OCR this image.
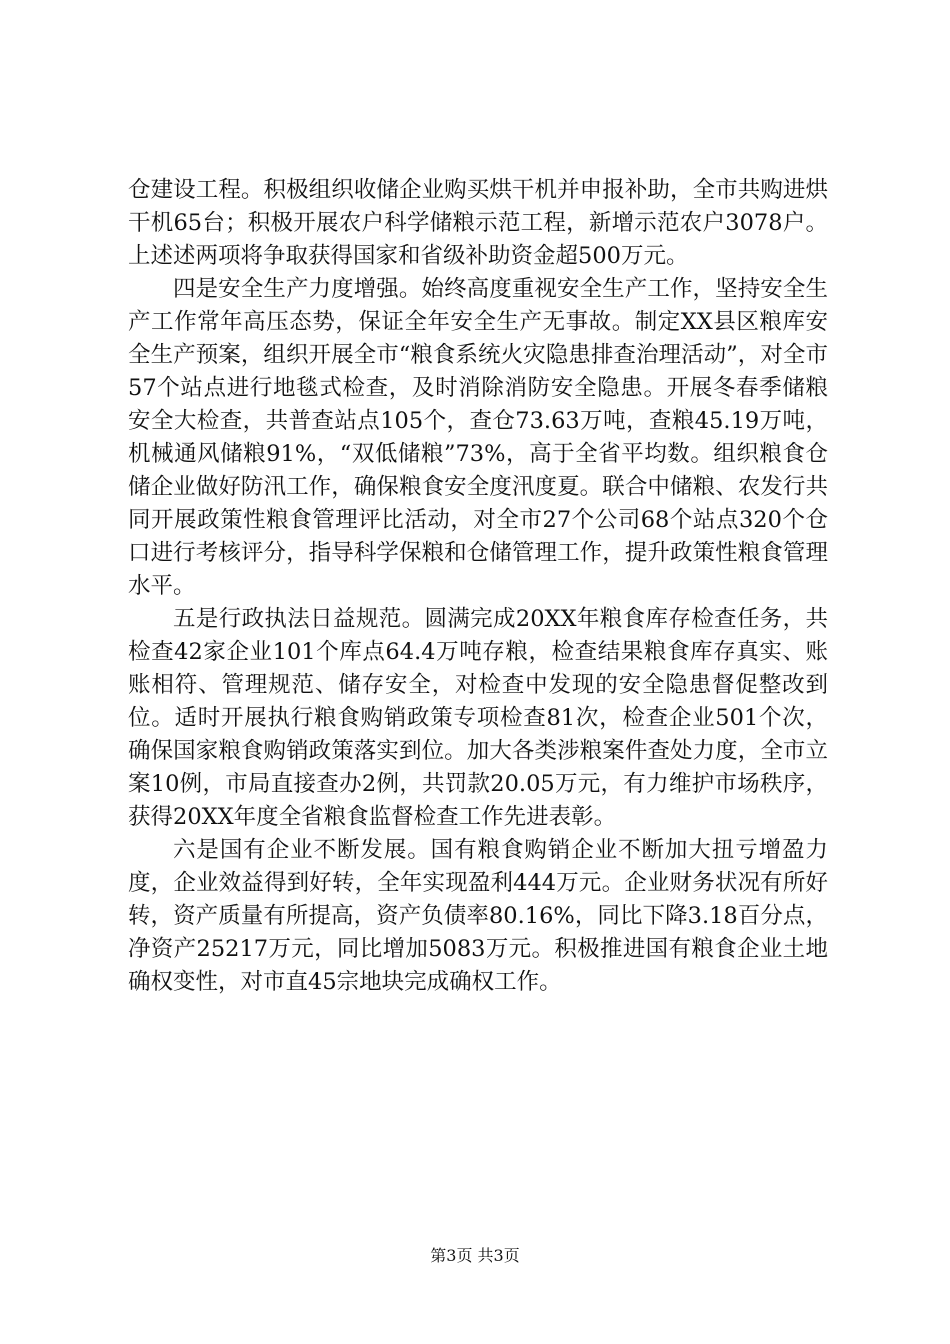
仓建设工程。积极组织收储企业购买烘干机并申报补助，全市共购进烘干机65台；积极开展农户科学储粮示范工程，新增示范农户3078户。上述述两项将争取获得国家和省级补助资金超500万元。

四是安全生产力度增强。始终高度重视安全生产工作，坚持安全生产工作常年高压态势，保证全年安全生产无事故。制定XX县区粮库安全生产预案，组织开展全市“粮食系统火灾隐患排查治理活动”，对全市57个站点进行地毯式检查，及时消除消防安全隐患。开展冬春季储粮安全大检查，共普查站点105个，查仓73.63万吨，查粮45.19万吨，机械通风储粮91%，“双低储粮”73%，高于全省平均数。组织粮食仓储企业做好防汛工作，确保粮食安全度汛度夏。联合中储粮、农发行共同开展政策性粮食管理评比活动，对全市27个公司68个站点320个仓口进行考核评分，指导科学保粮和仓储管理工作，提升政策性粮食管理水平。

五是行政执法日益规范。圆满完成20XX年粮食库存检查任务，共检查42家企业101个库点64.4万吨存粮，检查结果粮食库存真实、账账相符、管理规范、储存安全，对检查中发现的安全隐患督促整改到位。适时开展执行粮食购销政策专项检查81次，检查企业501个次，确保国家粮食购销政策落实到位。加大各类涉粮案件查处力度，全市立案10例，市局直接查办2例，共罚款20.05万元，有力维护市场秩序，获得20XX年度全省粮食监督检查工作先进表彰。

六是国有企业不断发展。国有粮食购销企业不断加大扭亏增盈力度，企业效益得到好转，全年实现盈利444万元。企业财务状况有所好转，资产质量有所提高，资产负债率80.16%，同比下降3.18百分点，净资产25217万元，同比增加5083万元。积极推进国有粮食企业土地确权变性，对市直45宗地块完成确权工作。

第3页 共3页
